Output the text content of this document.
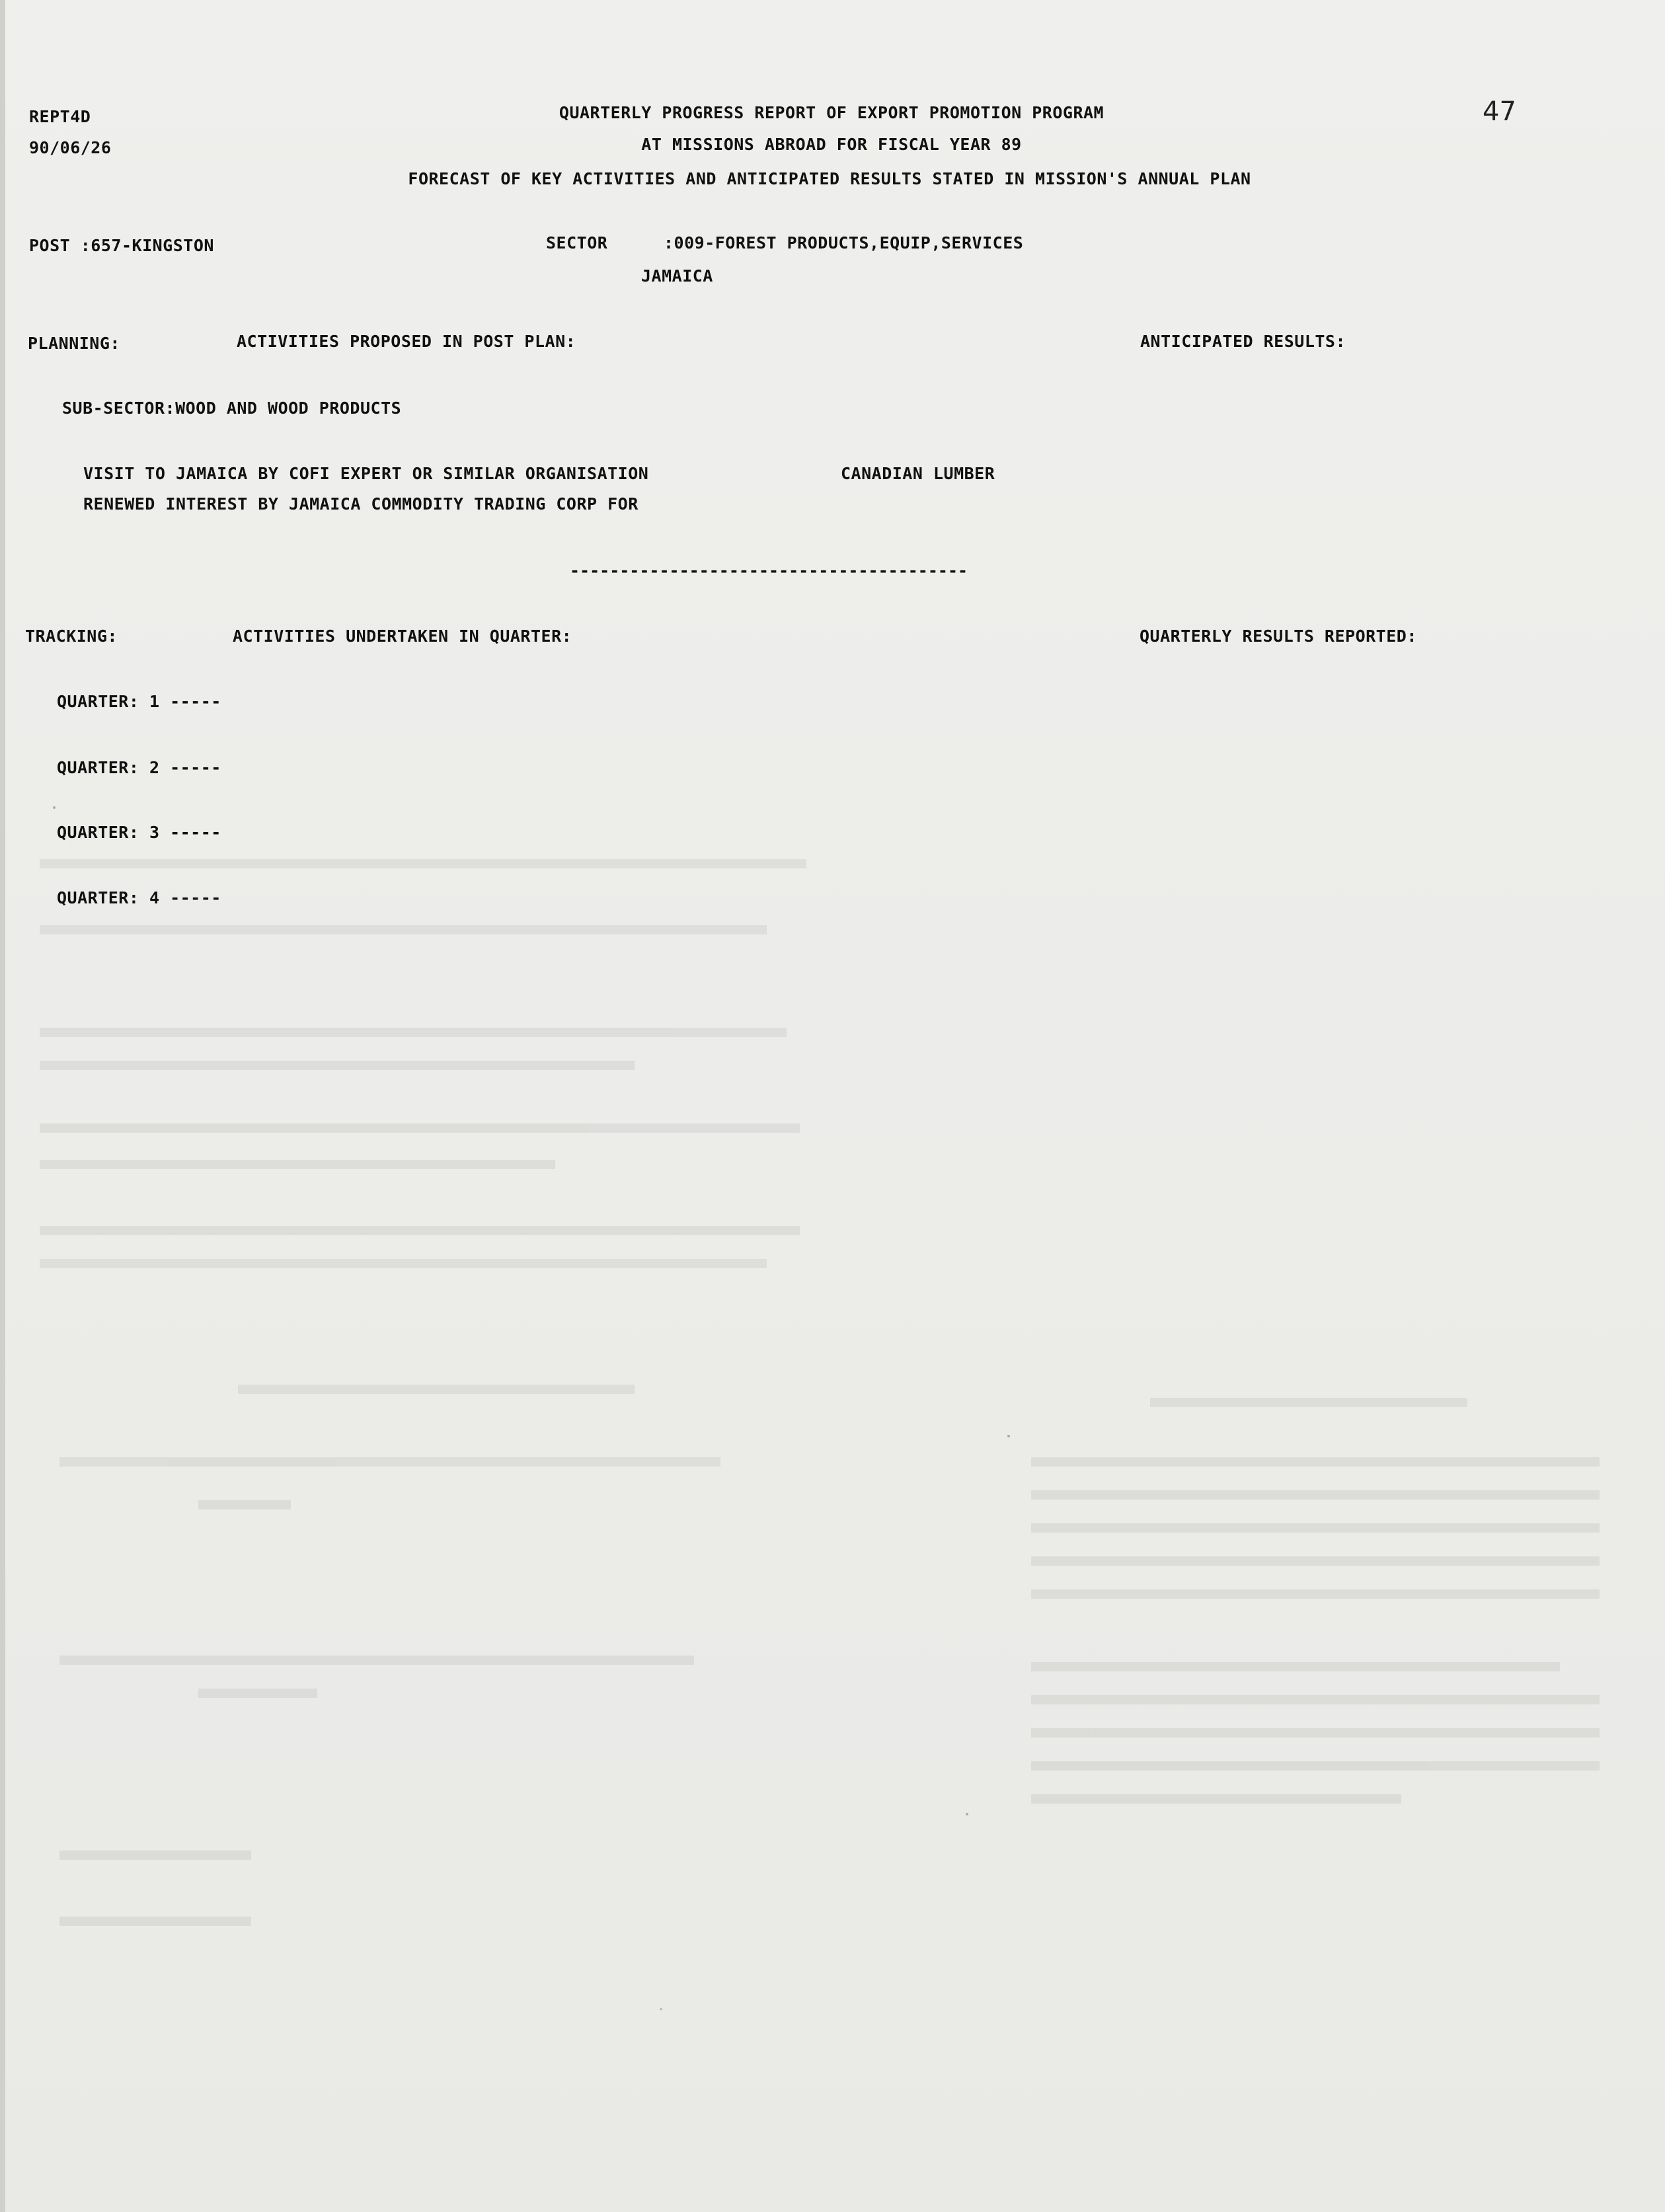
REPT4D
90/06/26
QUARTERLY PROGRESS REPORT OF EXPORT PROMOTION PROGRAM
AT MISSIONS ABROAD FOR FISCAL YEAR 89
FORECAST OF KEY ACTIVITIES AND ANTICIPATED RESULTS STATED IN MISSION'S ANNUAL PLAN
47
POST :657-KINGSTON	SECTOR	:009-FOREST PRODUCTS,EQUIP,SERVICES
JAMAICA
PLANNING:	ACTIVITIES PROPOSED IN POST PLAN:	ANTICIPATED RESULTS:
SUB-SECTOR:WOOD AND WOOD PRODUCTS
VISIT TO JAMAICA BY COFI EXPERT OR SIMILAR ORGANISATION	CANADIAN LUMBER
RENEWED INTEREST BY JAMAICA COMMODITY TRADING CORP FOR
----------------------------------------
TRACKING:	ACTIVITIES UNDERTAKEN IN QUARTER:	QUARTERLY RESULTS REPORTED:
QUARTER: 1 -----
QUARTER: 2 -----
QUARTER: 3 -----
QUARTER: 4 -----
